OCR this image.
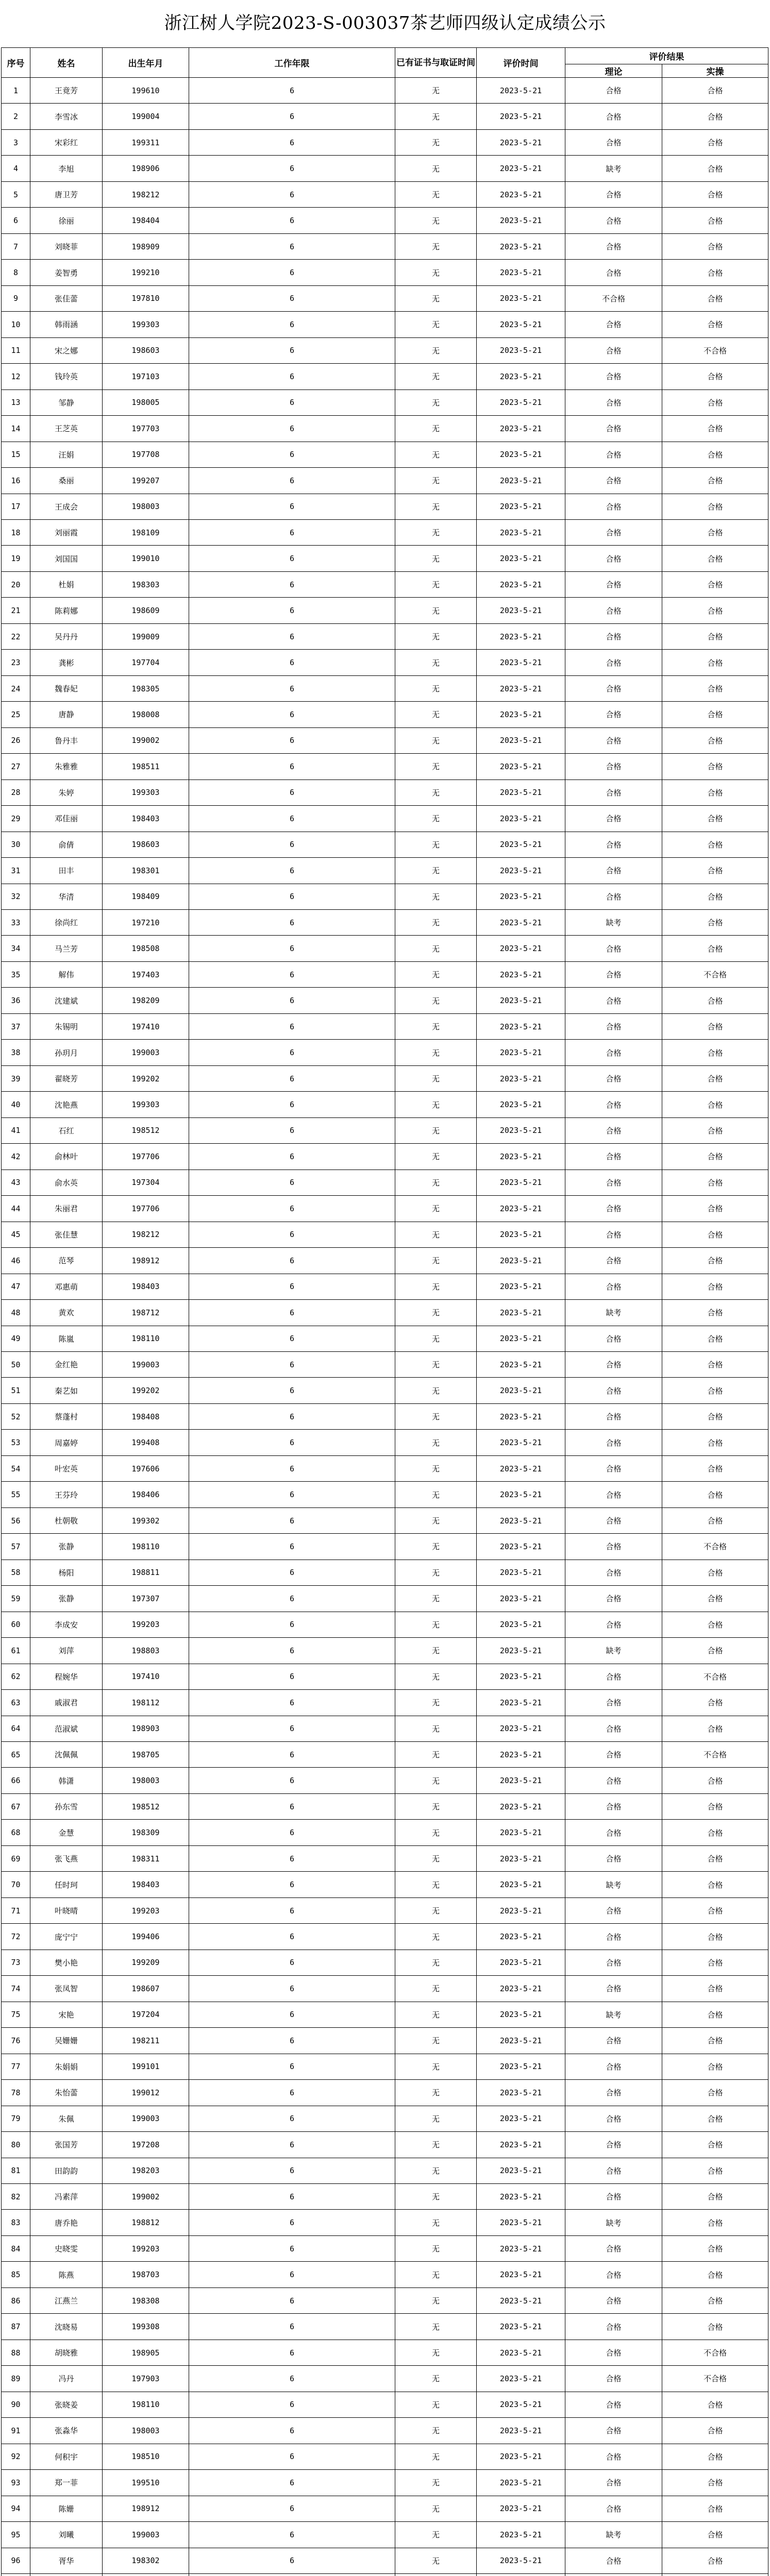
浙江树人学院2023-S-003037茶艺师四级认定成绩公示
序号	姓名	出生年月	工作年限	已有证书与取证时间	评价时间	评价结果	
						理论	实操
1	王竟芳	199610	6	无	2023-5-21	合格	合格
2	李雪冰	199004	6	无	2023-5-21	合格	合格
3	宋彩红	199311	6	无	2023-5-21	合格	合格
4	李旭	198906	6	无	2023-5-21	缺考	合格
5	唐卫芳	198212	6	无	2023-5-21	合格	合格
6	徐丽	198404	6	无	2023-5-21	合格	合格
7	刘晓菲	198909	6	无	2023-5-21	合格	合格
8	姜智勇	199210	6	无	2023-5-21	合格	合格
9	张佳蕾	197810	6	无	2023-5-21	不合格	合格
10	韩雨涵	199303	6	无	2023-5-21	合格	合格
11	宋之娜	198603	6	无	2023-5-21	合格	不合格
12	钱玲英	197103	6	无	2023-5-21	合格	合格
13	邹静	198005	6	无	2023-5-21	合格	合格
14	王芝英	197703	6	无	2023-5-21	合格	合格
15	汪娟	197708	6	无	2023-5-21	合格	合格
16	桑丽	199207	6	无	2023-5-21	合格	合格
17	王成会	198003	6	无	2023-5-21	合格	合格
18	刘丽霞	198109	6	无	2023-5-21	合格	合格
19	刘国国	199010	6	无	2023-5-21	合格	合格
20	杜娟	198303	6	无	2023-5-21	合格	合格
21	陈莉娜	198609	6	无	2023-5-21	合格	合格
22	吴丹丹	199009	6	无	2023-5-21	合格	合格
23	龚彬	197704	6	无	2023-5-21	合格	合格
24	魏春妃	198305	6	无	2023-5-21	合格	合格
25	唐静	198008	6	无	2023-5-21	合格	合格
26	鲁丹丰	199002	6	无	2023-5-21	合格	合格
27	朱雅雅	198511	6	无	2023-5-21	合格	合格
28	朱婷	199303	6	无	2023-5-21	合格	合格
29	邓佳丽	198403	6	无	2023-5-21	合格	合格
30	俞倩	198603	6	无	2023-5-21	合格	合格
31	田丰	198301	6	无	2023-5-21	合格	合格
32	华清	198409	6	无	2023-5-21	合格	合格
33	徐尚红	197210	6	无	2023-5-21	缺考	合格
34	马兰芳	198508	6	无	2023-5-21	合格	合格
35	解伟	197403	6	无	2023-5-21	合格	不合格
36	沈建斌	198209	6	无	2023-5-21	合格	合格
37	朱锡明	197410	6	无	2023-5-21	合格	合格
38	孙玥月	199003	6	无	2023-5-21	合格	合格
39	翟晓芳	199202	6	无	2023-5-21	合格	合格
40	沈艳燕	199303	6	无	2023-5-21	合格	合格
41	石红	198512	6	无	2023-5-21	合格	合格
42	俞林叶	197706	6	无	2023-5-21	合格	合格
43	俞水英	197304	6	无	2023-5-21	合格	合格
44	朱丽君	197706	6	无	2023-5-21	合格	合格
45	张佳慧	198212	6	无	2023-5-21	合格	合格
46	范琴	198912	6	无	2023-5-21	合格	合格
47	邓惠萌	198403	6	无	2023-5-21	合格	合格
48	黄欢	198712	6	无	2023-5-21	缺考	合格
49	陈嵐	198110	6	无	2023-5-21	合格	合格
50	金红艳	199003	6	无	2023-5-21	合格	合格
51	秦艺如	199202	6	无	2023-5-21	合格	合格
52	蔡蓬村	198408	6	无	2023-5-21	合格	合格
53	周嘉婷	199408	6	无	2023-5-21	合格	合格
54	叶宏英	197606	6	无	2023-5-21	合格	合格
55	王芬玲	198406	6	无	2023-5-21	合格	合格
56	杜朝敬	199302	6	无	2023-5-21	合格	合格
57	张静	198110	6	无	2023-5-21	合格	不合格
58	杨阳	198811	6	无	2023-5-21	合格	合格
59	张静	197307	6	无	2023-5-21	合格	合格
60	李成安	199203	6	无	2023-5-21	合格	合格
61	刘萍	198803	6	无	2023-5-21	缺考	合格
62	程婉华	197410	6	无	2023-5-21	合格	不合格
63	戚淑君	198112	6	无	2023-5-21	合格	合格
64	范淑斌	198903	6	无	2023-5-21	合格	合格
65	沈佩佩	198705	6	无	2023-5-21	合格	不合格
66	韩潇	198003	6	无	2023-5-21	合格	合格
67	孙东雪	198512	6	无	2023-5-21	合格	合格
68	金慧	198309	6	无	2023-5-21	合格	合格
69	张飞燕	198311	6	无	2023-5-21	合格	合格
70	任时珂	198403	6	无	2023-5-21	缺考	合格
71	叶晓晴	199203	6	无	2023-5-21	合格	合格
72	庞宁宁	199406	6	无	2023-5-21	合格	合格
73	樊小艳	199209	6	无	2023-5-21	合格	合格
74	张凤智	198607	6	无	2023-5-21	合格	合格
75	宋艳	197204	6	无	2023-5-21	缺考	合格
76	吴姗姗	198211	6	无	2023-5-21	合格	合格
77	朱娟娟	199101	6	无	2023-5-21	合格	合格
78	朱怡蕾	199012	6	无	2023-5-21	合格	合格
79	朱佩	199003	6	无	2023-5-21	合格	合格
80	张国芳	197208	6	无	2023-5-21	合格	合格
81	田韵韵	198203	6	无	2023-5-21	合格	合格
82	冯素萍	199002	6	无	2023-5-21	合格	合格
83	唐乔艳	198812	6	无	2023-5-21	缺考	合格
84	史晓雯	199203	6	无	2023-5-21	合格	合格
85	陈燕	198703	6	无	2023-5-21	合格	合格
86	江燕兰	198308	6	无	2023-5-21	合格	合格
87	沈晓易	199308	6	无	2023-5-21	合格	合格
88	胡晓雅	198905	6	无	2023-5-21	合格	不合格
89	冯丹	197903	6	无	2023-5-21	合格	不合格
90	张晓姜	198110	6	无	2023-5-21	合格	合格
91	张淼华	198003	6	无	2023-5-21	合格	合格
92	何积宇	198510	6	无	2023-5-21	合格	合格
93	郑一菲	199510	6	无	2023-5-21	合格	合格
94	陈姗	198912	6	无	2023-5-21	合格	合格
95	刘曦	199003	6	无	2023-5-21	缺考	合格
96	胥华	198302	6	无	2023-5-21	合格	合格
